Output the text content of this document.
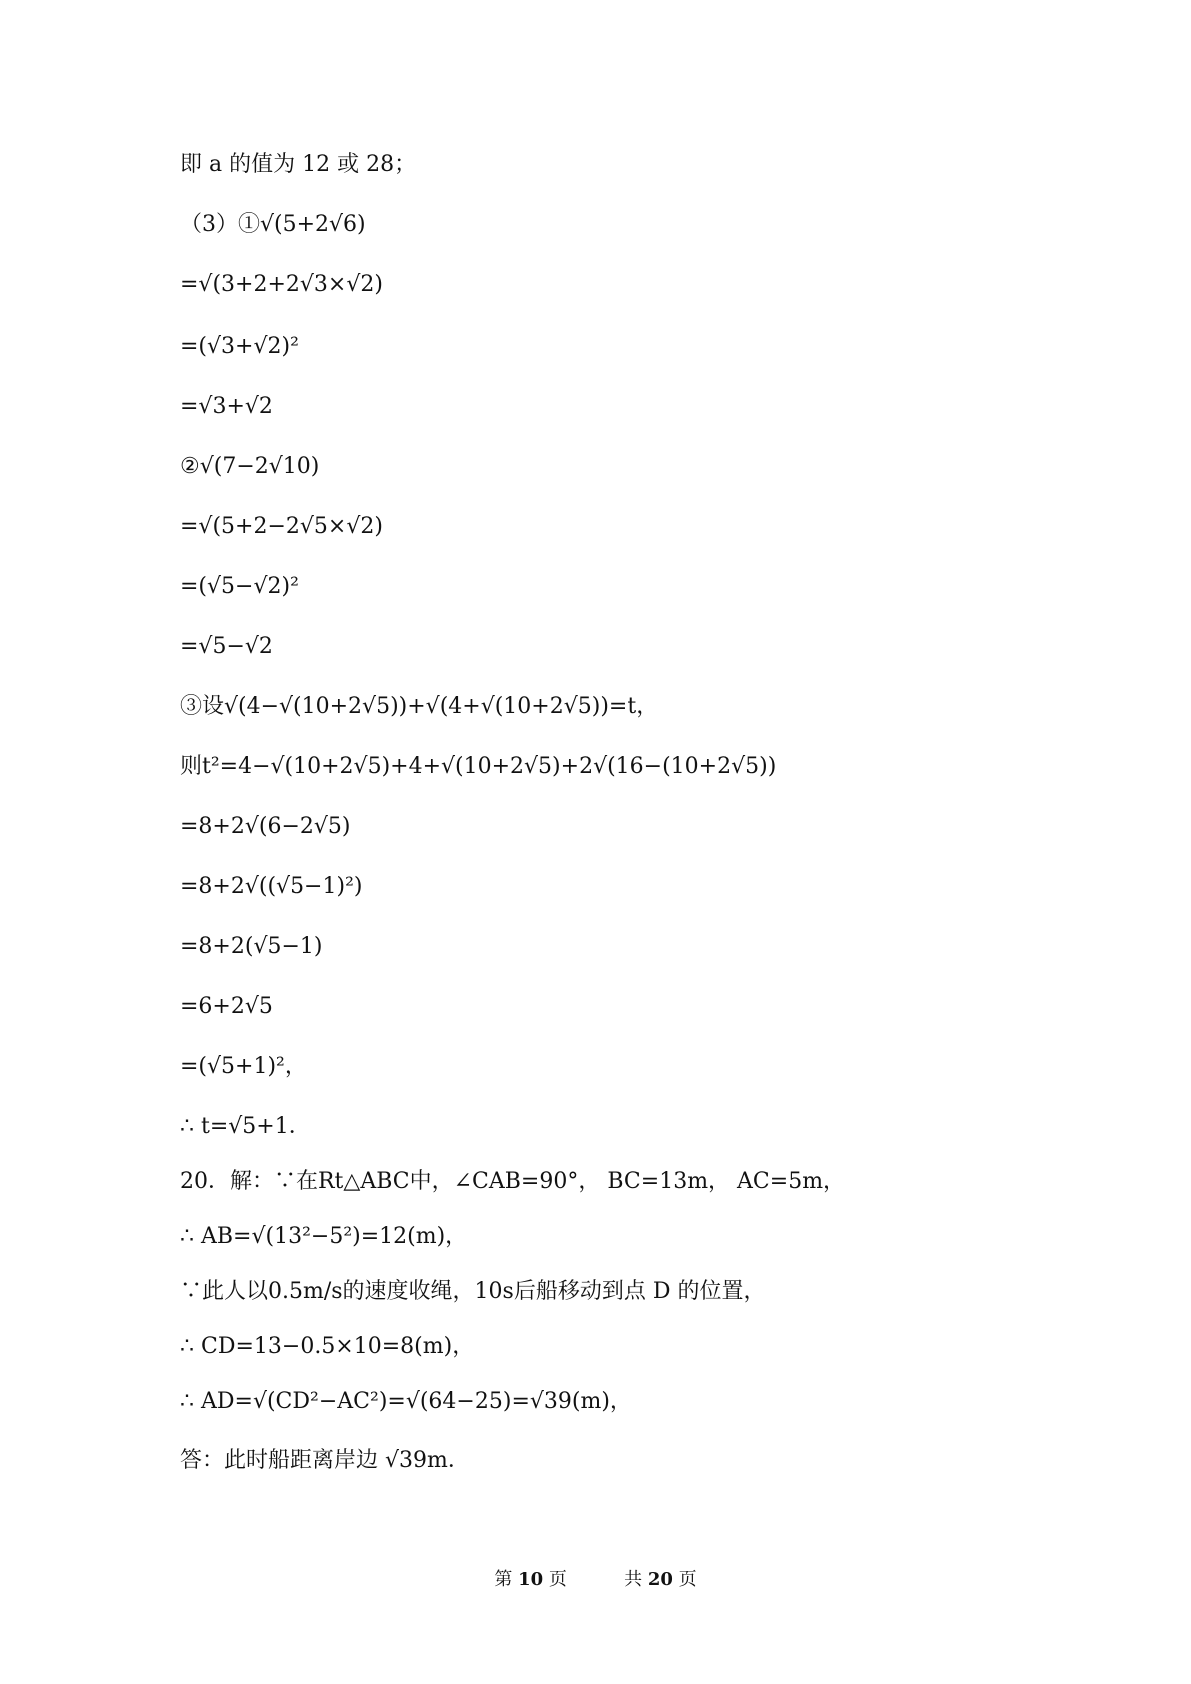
即 a 的值为 12 或 28；
（3）①√(5+2√6)
=√(3+2+2√3×√2)
=(√3+√2)²
=√3+√2
②√(7−2√10)
=√(5+2−2√5×√2)
=(√5−√2)²
=√5−√2
③设√(4−√(10+2√5))+√(4+√(10+2√5))=t，
则t²=4−√(10+2√5)+4+√(10+2√5)+2√(16−(10+2√5))
=8+2√(6−2√5)
=8+2√((√5−1)²)
=8+2(√5−1)
=6+2√5
=(√5+1)²，
∴ t=√5+1．
20．解：∵在Rt△ABC中，∠CAB=90°， BC=13m， AC=5m，
∴ AB=√(13²−5²)=12(m)，
∵此人以0.5m/s的速度收绳，10s后船移动到点 D 的位置，
∴ CD=13−0.5×10=8(m)，
∴ AD=√(CD²−AC²)=√(64−25)=√39(m)，
答：此时船距离岸边 √39m．
第 10 页	共 20 页
